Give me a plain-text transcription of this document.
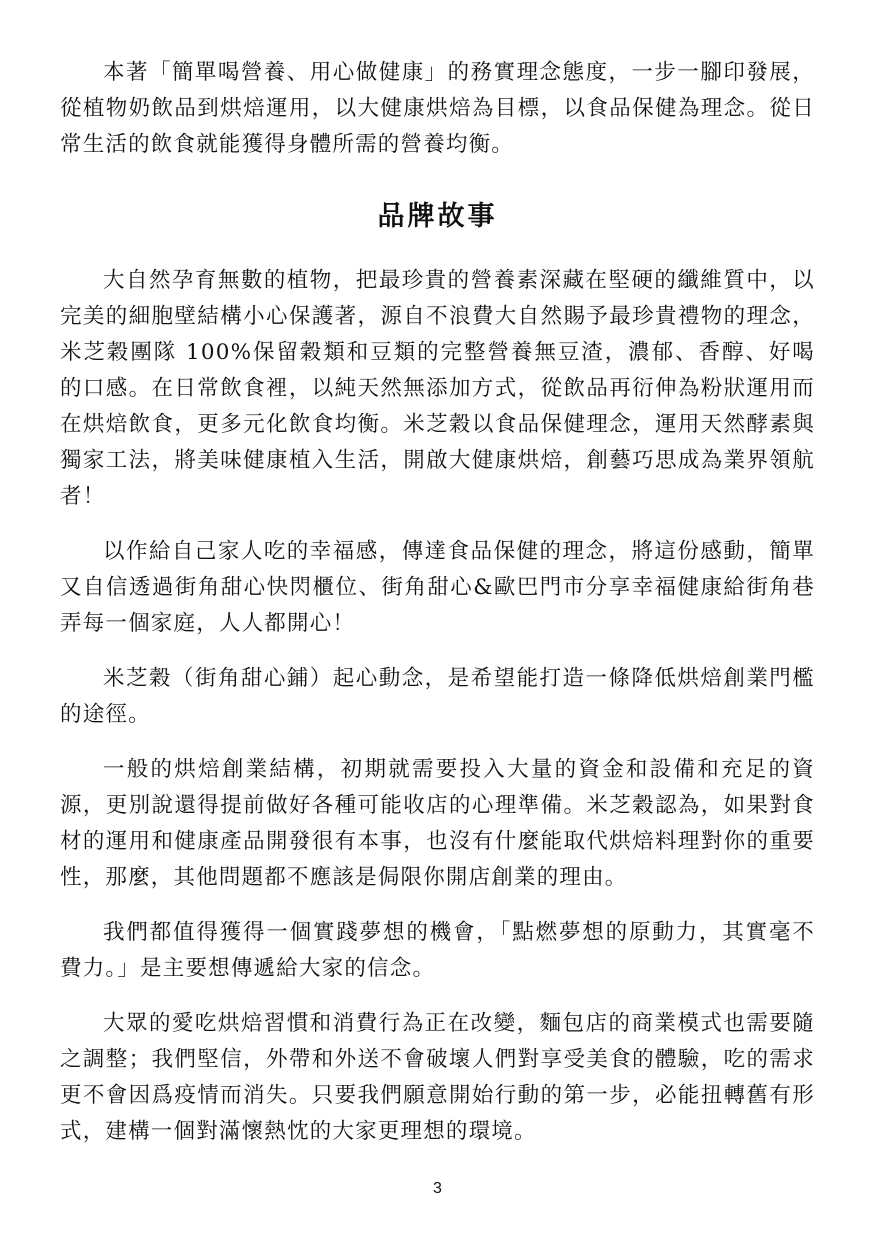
本著「簡單喝營養、用心做健康」的務實理念態度，一步一腳印發展，從植物奶飲品到烘焙運用，以大健康烘焙為目標，以食品保健為理念。從日常生活的飲食就能獲得身體所需的營養均衡。

品牌故事

大自然孕育無數的植物，把最珍貴的營養素深藏在堅硬的纖維質中，以完美的細胞壁結構小心保護著，源自不浪費大自然賜予最珍貴禮物的理念，米芝穀團隊 100%保留穀類和豆類的完整營養無豆渣，濃郁、香醇、好喝的口感。在日常飲食裡，以純天然無添加方式，從飲品再衍伸為粉狀運用而在烘焙飲食，更多元化飲食均衡。米芝穀以食品保健理念，運用天然酵素與獨家工法，將美味健康植入生活，開啟大健康烘焙，創藝巧思成為業界領航者！

以作給自己家人吃的幸福感，傳達食品保健的理念，將這份感動，簡單又自信透過街角甜心快閃櫃位、街角甜心&歐巴門市分享幸福健康給街角巷弄每一個家庭，人人都開心！

米芝穀（街角甜心鋪）起心動念，是希望能打造一條降低烘焙創業門檻的途徑。

一般的烘焙創業結構，初期就需要投入大量的資金和設備和充足的資源，更別說還得提前做好各種可能收店的心理準備。米芝穀認為，如果對食材的運用和健康產品開發很有本事，也沒有什麼能取代烘焙料理對你的重要性，那麼，其他問題都不應該是侷限你開店創業的理由。

我們都值得獲得一個實踐夢想的機會，「點燃夢想的原動力，其實毫不費力。」是主要想傳遞給大家的信念。

大眾的愛吃烘焙習慣和消費行為正在改變，麵包店的商業模式也需要隨之調整；我們堅信，外帶和外送不會破壞人們對享受美食的體驗，吃的需求更不會因爲疫情而消失。只要我們願意開始行動的第一步，必能扭轉舊有形式，建構一個對滿懷熱忱的大家更理想的環境。

3
